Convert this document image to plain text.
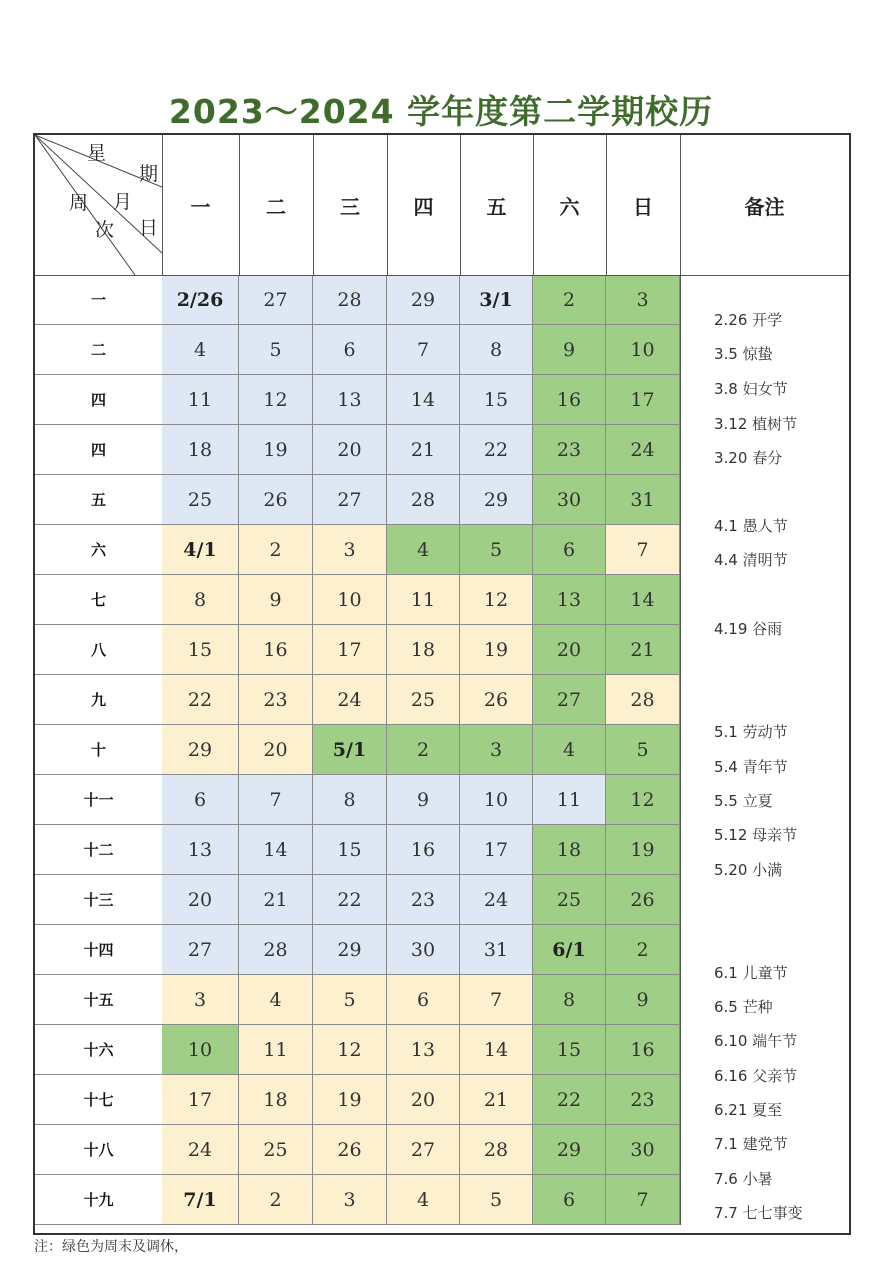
2023～2024 学年度第二学期校历
星
期
周 月
次 日
一	二	三	四	五	六	日	备注
一	2/26	27	28	29	3/1	2	3
二	4	5	6	7	8	9	10
四	11	12	13	14	15	16	17
四	18	19	20	21	22	23	24
五	25	26	27	28	29	30	31
六	4/1	2	3	4	5	6	7
七	8	9	10	11	12	13	14
八	15	16	17	18	19	20	21
九	22	23	24	25	26	27	28
十	29	20	5/1	2	3	4	5
十一	6	7	8	9	10	11	12
十二	13	14	15	16	17	18	19
十三	20	21	22	23	24	25	26
十四	27	28	29	30	31	6/1	2
十五	3	4	5	6	7	8	9
十六	10	11	12	13	14	15	16
十七	17	18	19	20	21	22	23
十八	24	25	26	27	28	29	30
十九	7/1	2	3	4	5	6	7
2.26 开学
3.5 惊蛰
3.8 妇女节
3.12 植树节
3.20 春分
4.1 愚人节
4.4 清明节
4.19 谷雨
5.1 劳动节
5.4 青年节
5.5 立夏
5.12 母亲节
5.20 小满
6.1 儿童节
6.5 芒种
6.10 端午节
6.16 父亲节
6.21 夏至
7.1 建党节
7.6 小暑
7.7 七七事变
注：绿色为周末及调休，
